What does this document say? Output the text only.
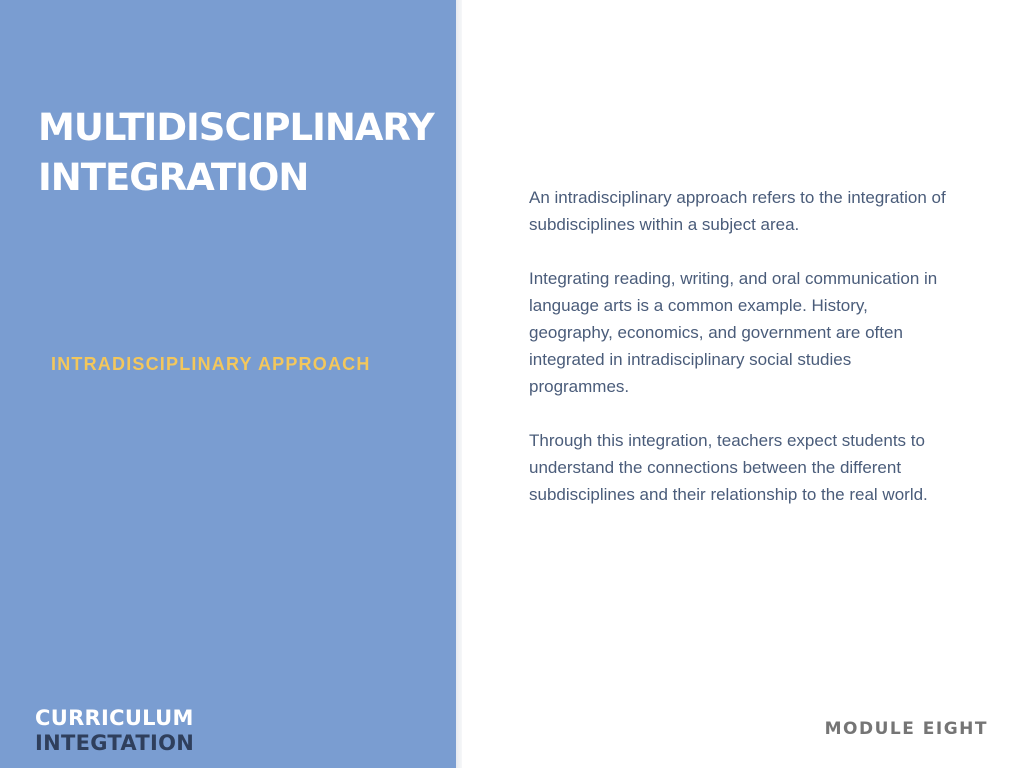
MULTIDISCIPLINARY
INTEGRATION
INTRADISCIPLINARY APPROACH
CURRICULUM
INTEGTATION

An intradisciplinary approach refers to the integration of subdisciplines within a subject area.

Integrating reading, writing, and oral communication in language arts is a common example. History, geography, economics, and government are often integrated in intradisciplinary social studies programmes.

Through this integration, teachers expect students to understand the connections between the different subdisciplines and their relationship to the real world.

MODULE EIGHT
